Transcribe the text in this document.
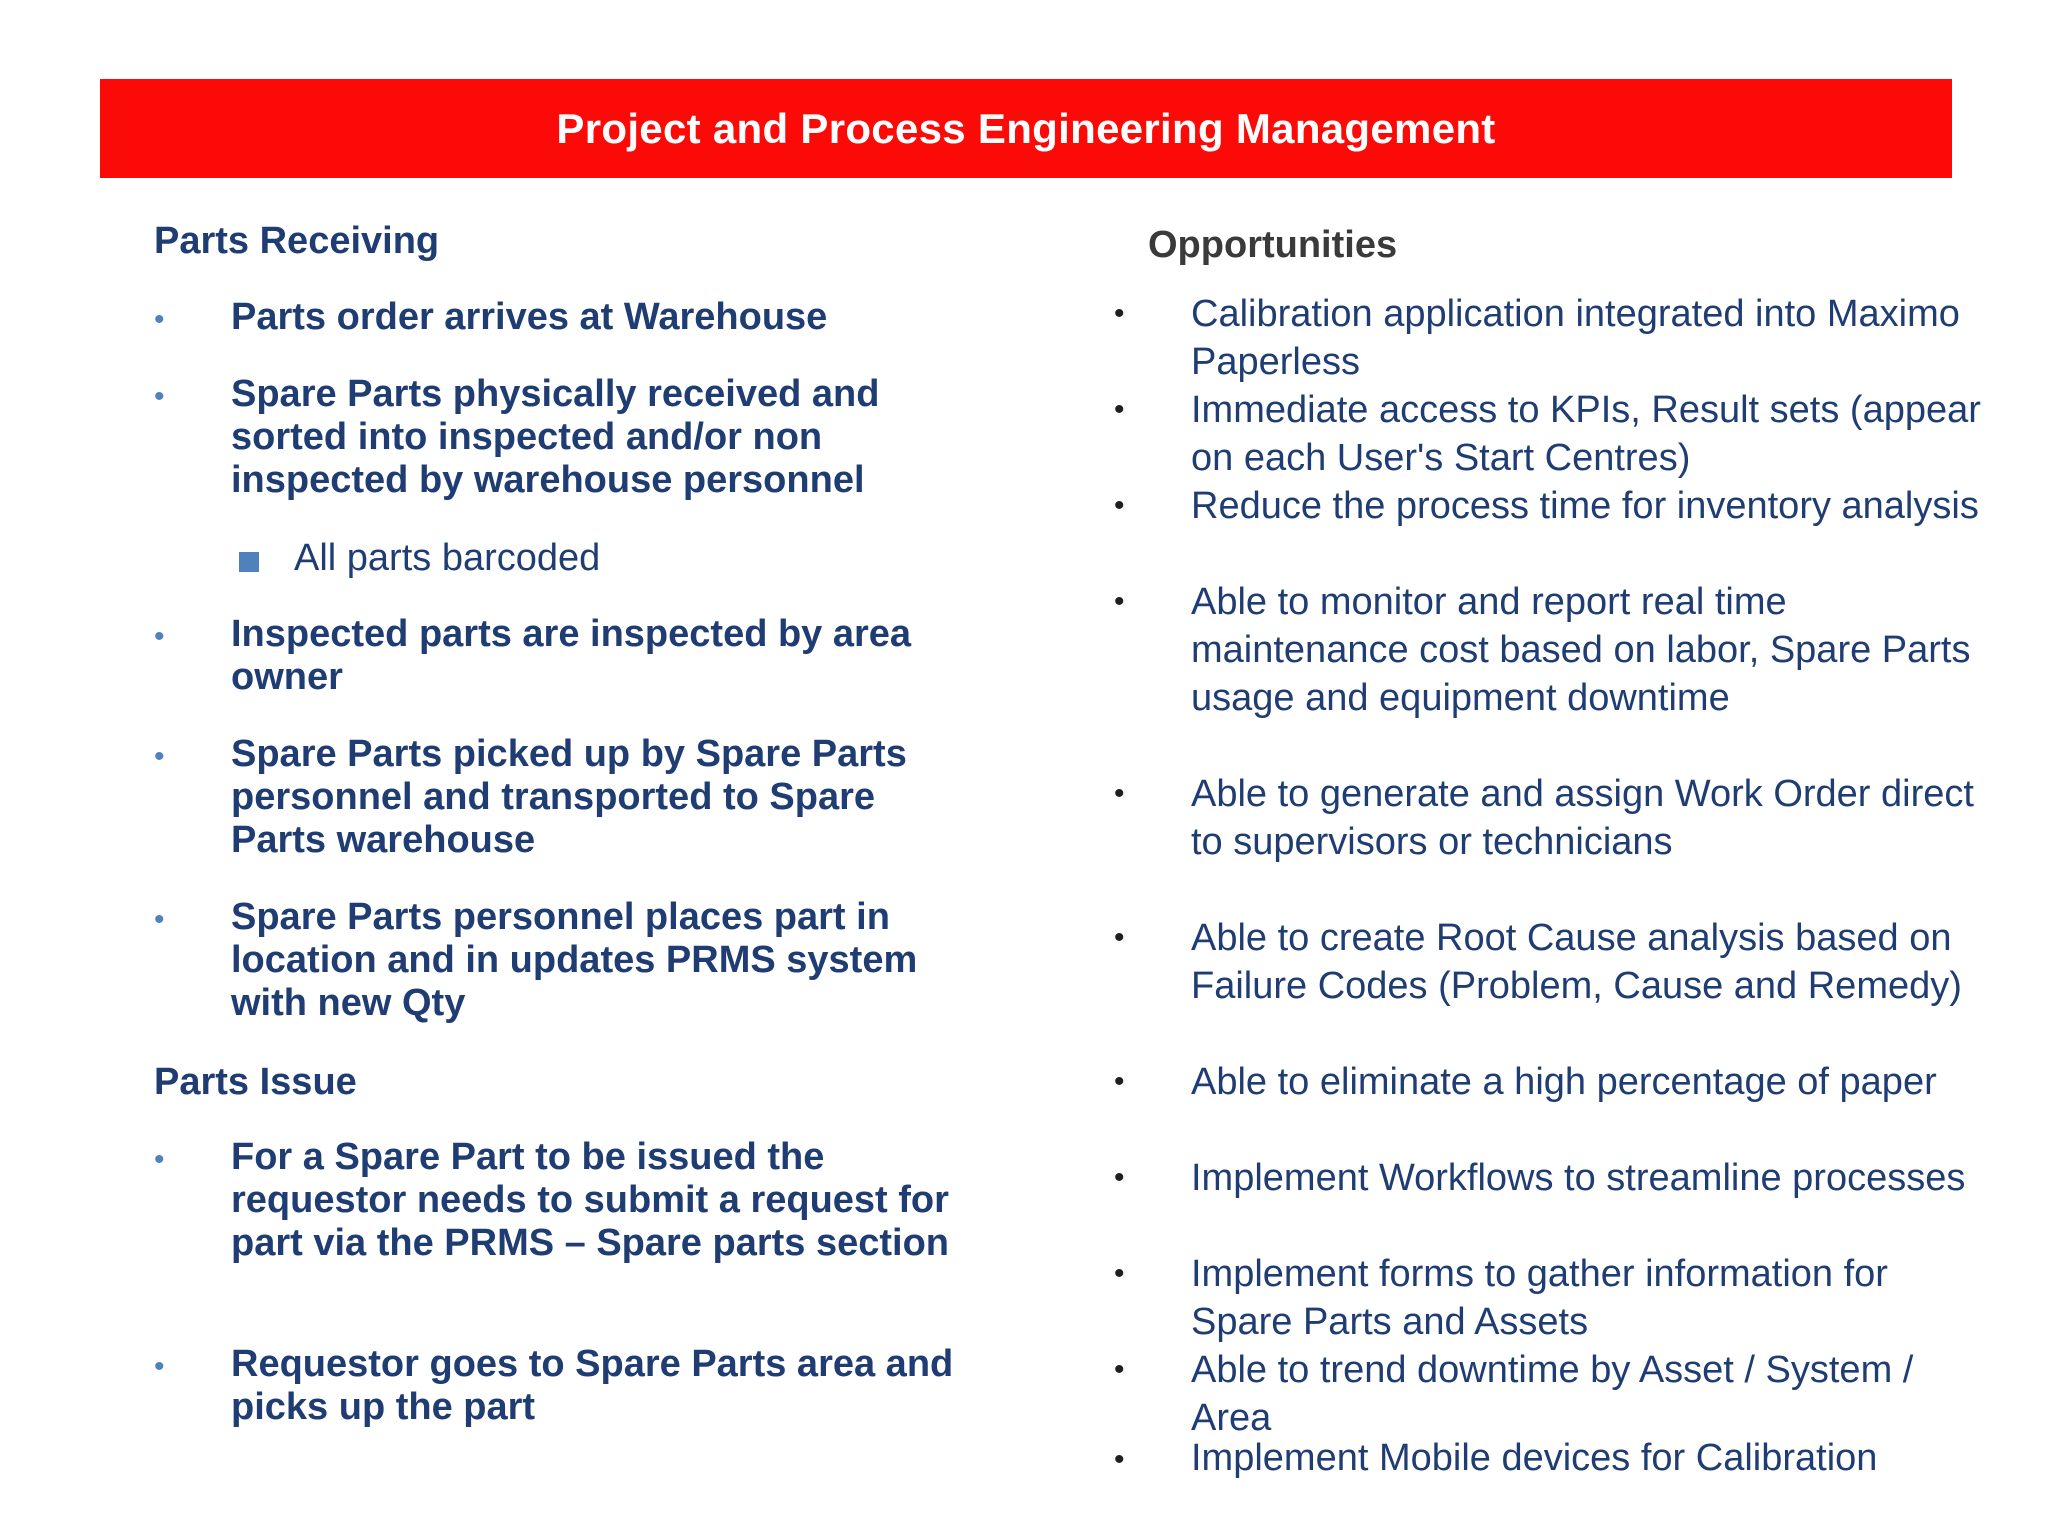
Project and Process Engineering Management
Parts Receiving
• Parts order arrives at Warehouse
• Spare Parts physically received and sorted into inspected and/or non inspected by warehouse personnel
All parts barcoded
• Inspected parts are inspected by area owner
• Spare Parts picked up by Spare Parts personnel and transported to Spare Parts warehouse
• Spare Parts personnel places part in location and in updates PRMS system with new Qty
Parts Issue
• For a Spare Part to be issued the requestor needs to submit a request for part via the PRMS – Spare parts section
• Requestor goes to Spare Parts area and picks up the part
Opportunities
• Calibration application integrated into Maximo Paperless
• Immediate access to KPIs, Result sets (appear on each User's Start Centres)
• Reduce the process time for inventory analysis
• Able to monitor and report real time maintenance cost based on labor, Spare Parts usage and equipment downtime
• Able to generate and assign Work Order direct to supervisors or technicians
• Able to create Root Cause analysis based on Failure Codes (Problem, Cause and Remedy)
• Able to eliminate a high percentage of paper
• Implement Workflows to streamline processes
• Implement forms to gather information for Spare Parts and Assets
• Able to trend downtime by Asset / System / Area
• Implement Mobile devices for Calibration
